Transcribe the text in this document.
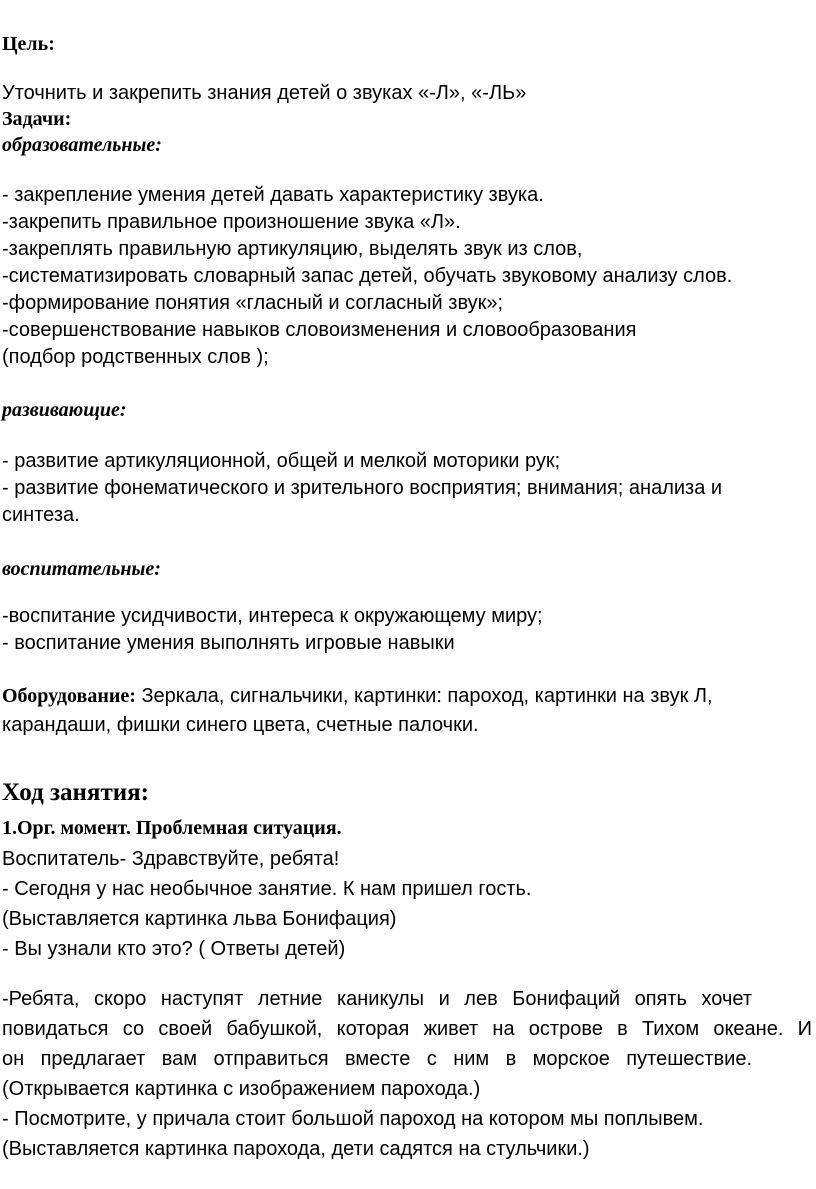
Цель:
Уточнить и закрепить знания детей о звуках «-Л», «-ЛЬ»
Задачи:
образовательные:
- закрепление умения детей давать характеристику звука.
-закрепить правильное произношение звука «Л».
-закреплять правильную артикуляцию, выделять звук из слов,
-систематизировать словарный запас детей, обучать звуковому анализу слов.
-формирование понятия «гласный и согласный звук»;
-совершенствование навыков словоизменения и словообразования
(подбор родственных слов );
развивающие:
- развитие артикуляционной, общей и мелкой моторики рук;
- развитие фонематического и зрительного восприятия; внимания; анализа и
синтеза.
воспитательные:
-воспитание усидчивости, интереса к окружающему миру;
- воспитание умения выполнять игровые навыки
Оборудование: Зеркала, сигнальчики, картинки: пароход, картинки на звук Л,
карандаши, фишки синего цвета, счетные палочки.
Ход занятия:
1.Орг. момент. Проблемная ситуация.
Воспитатель- Здравствуйте, ребята!
- Сегодня у нас необычное занятие. К нам пришел гость.
(Выставляется картинка льва Бонифация)
- Вы узнали кто это? ( Ответы детей)
-Ребята, скоро наступят летние каникулы и лев Бонифаций опять хочет
повидаться со своей бабушкой, которая живет на острове в Тихом океане. И
он предлагает вам отправиться вместе с ним в морское путешествие.
(Открывается картинка с изображением парохода.)
- Посмотрите, у причала стоит большой пароход на котором мы поплывем.
(Выставляется картинка парохода, дети садятся на стульчики.)
